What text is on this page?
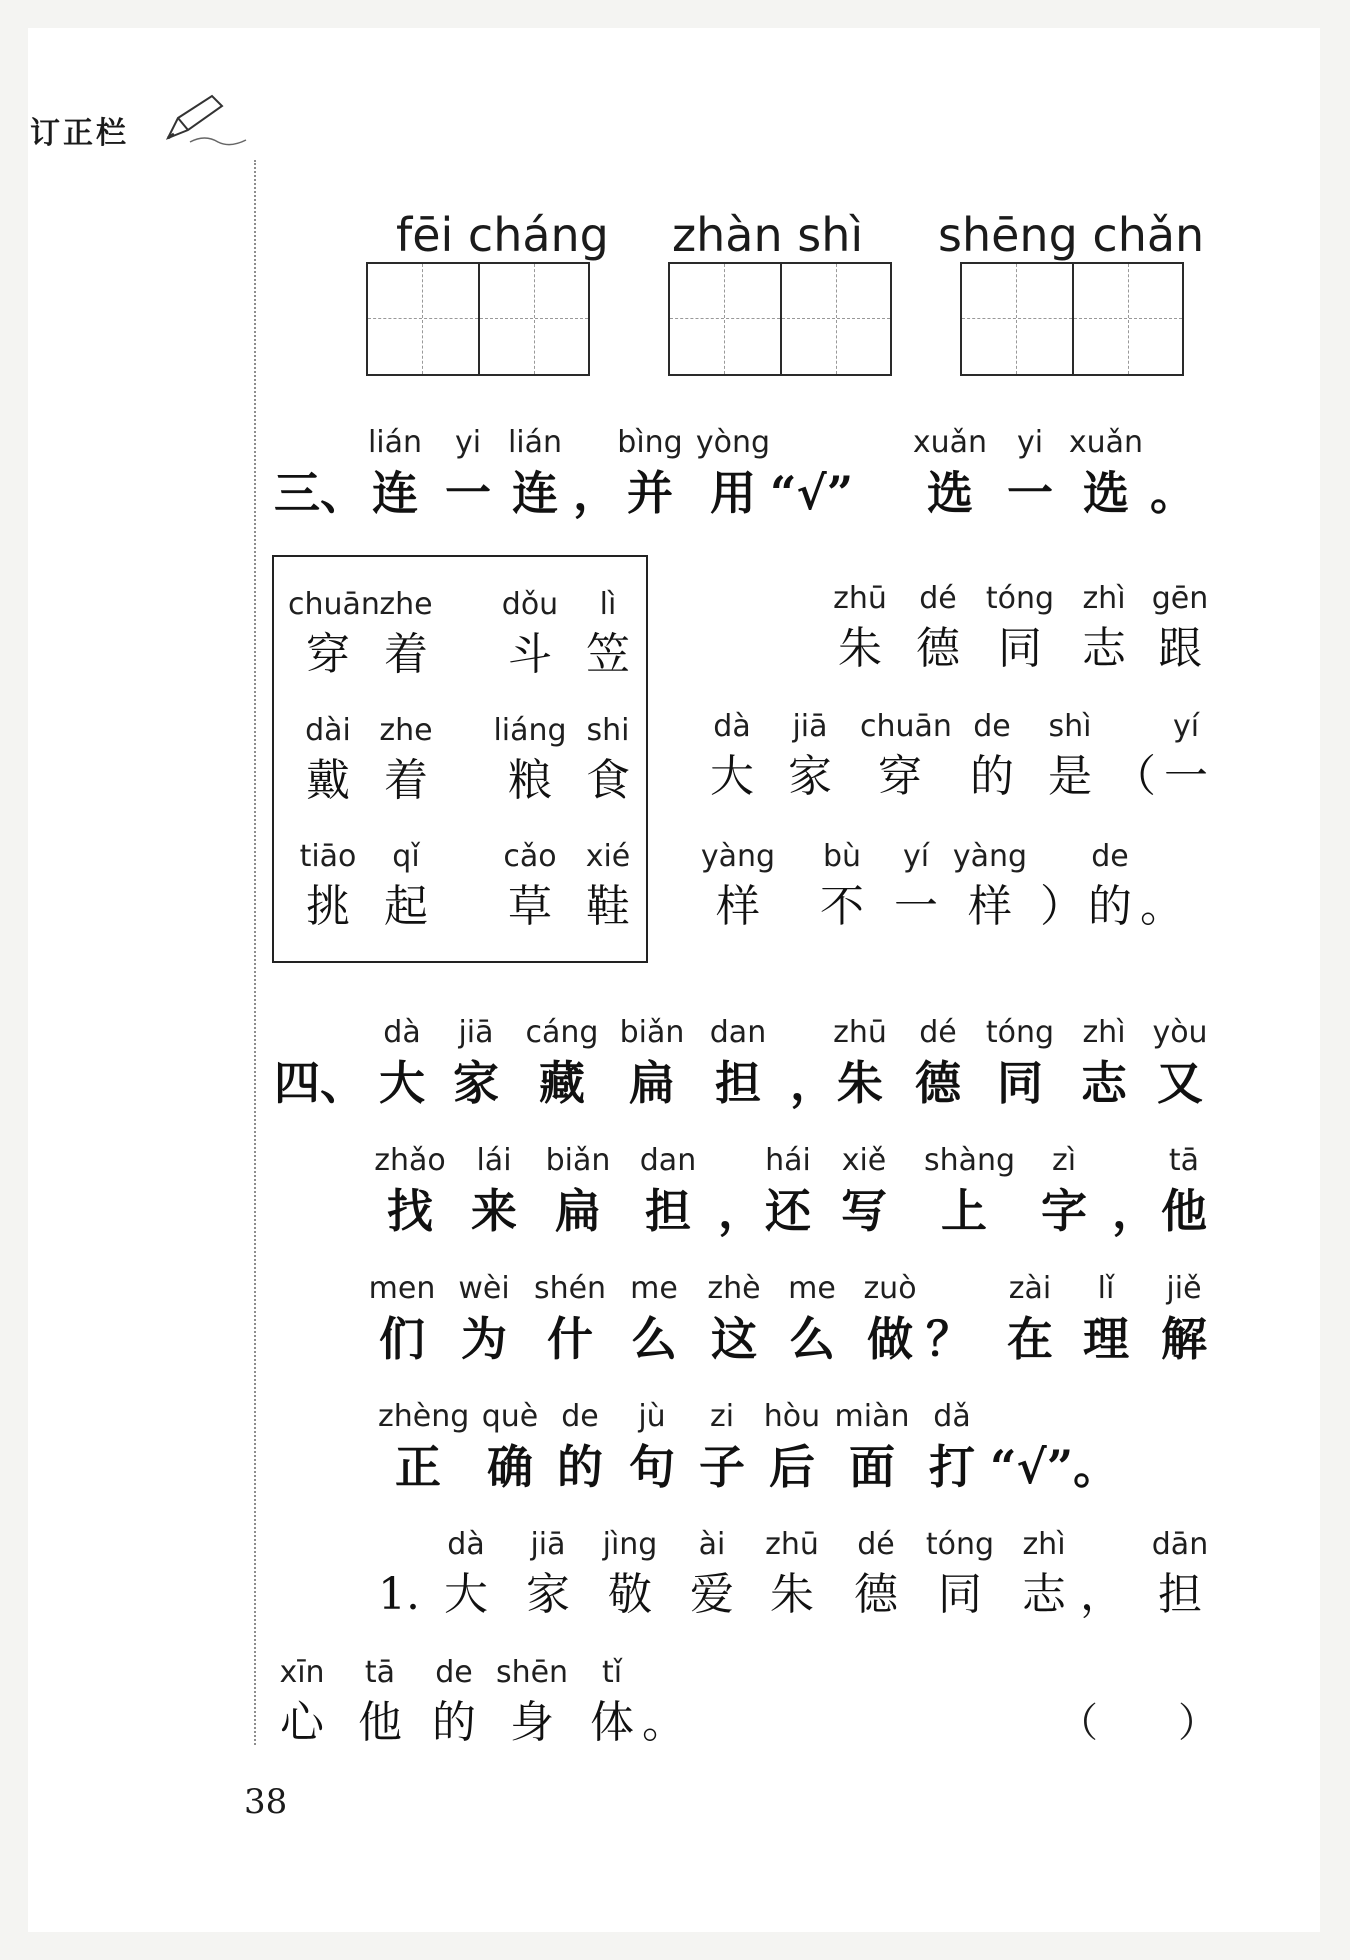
订正栏
fēi cháng zhàn shì shēng chǎn
三、
四、
（ ）
38
lián
连
yi
一
lián
连 ，
bìng
并
yòng
用 “√”
xuǎn
选
yi
一
xuǎn
选 。
chuān
穿
zhe
着
dǒu
斗
lì
笠
dài
戴
zhe
着
liáng
粮
shi
食
tiāo
挑
qǐ
起
cǎo
草
xié
鞋
zhū
朱
dé
德
tóng
同
zhì
志
gēn
跟
dà
大
jiā
家
chuān
穿
de
的
shì
是 （
yí
一
yàng
样
bù
不
yí
一
yàng
样 ）
de
的 。
dà
大
jiā
家
cáng
藏
biǎn
扁
dan
担 ，
zhū
朱
dé
德
tóng
同
zhì
志
yòu
又
zhǎo
找
lái
来
biǎn
扁
dan
担 ，
hái
还
xiě
写
shàng
上
zì
字 ，
tā
他
men
们
wèi
为
shén
什
me
么
zhè
这
me
么
zuò
做 ？
zài
在
lǐ
理
jiě
解
zhèng
正
què
确
de
的
jù
句
zi
子
hòu
后
miàn
面
dǎ
打 “√”。
1.
dà
大
jiā
家
jìng
敬
ài
爱
zhū
朱
dé
德
tóng
同
zhì
志 ，
dān
担
xīn
心
tā
他
de
的
shēn
身
tǐ
体 。
